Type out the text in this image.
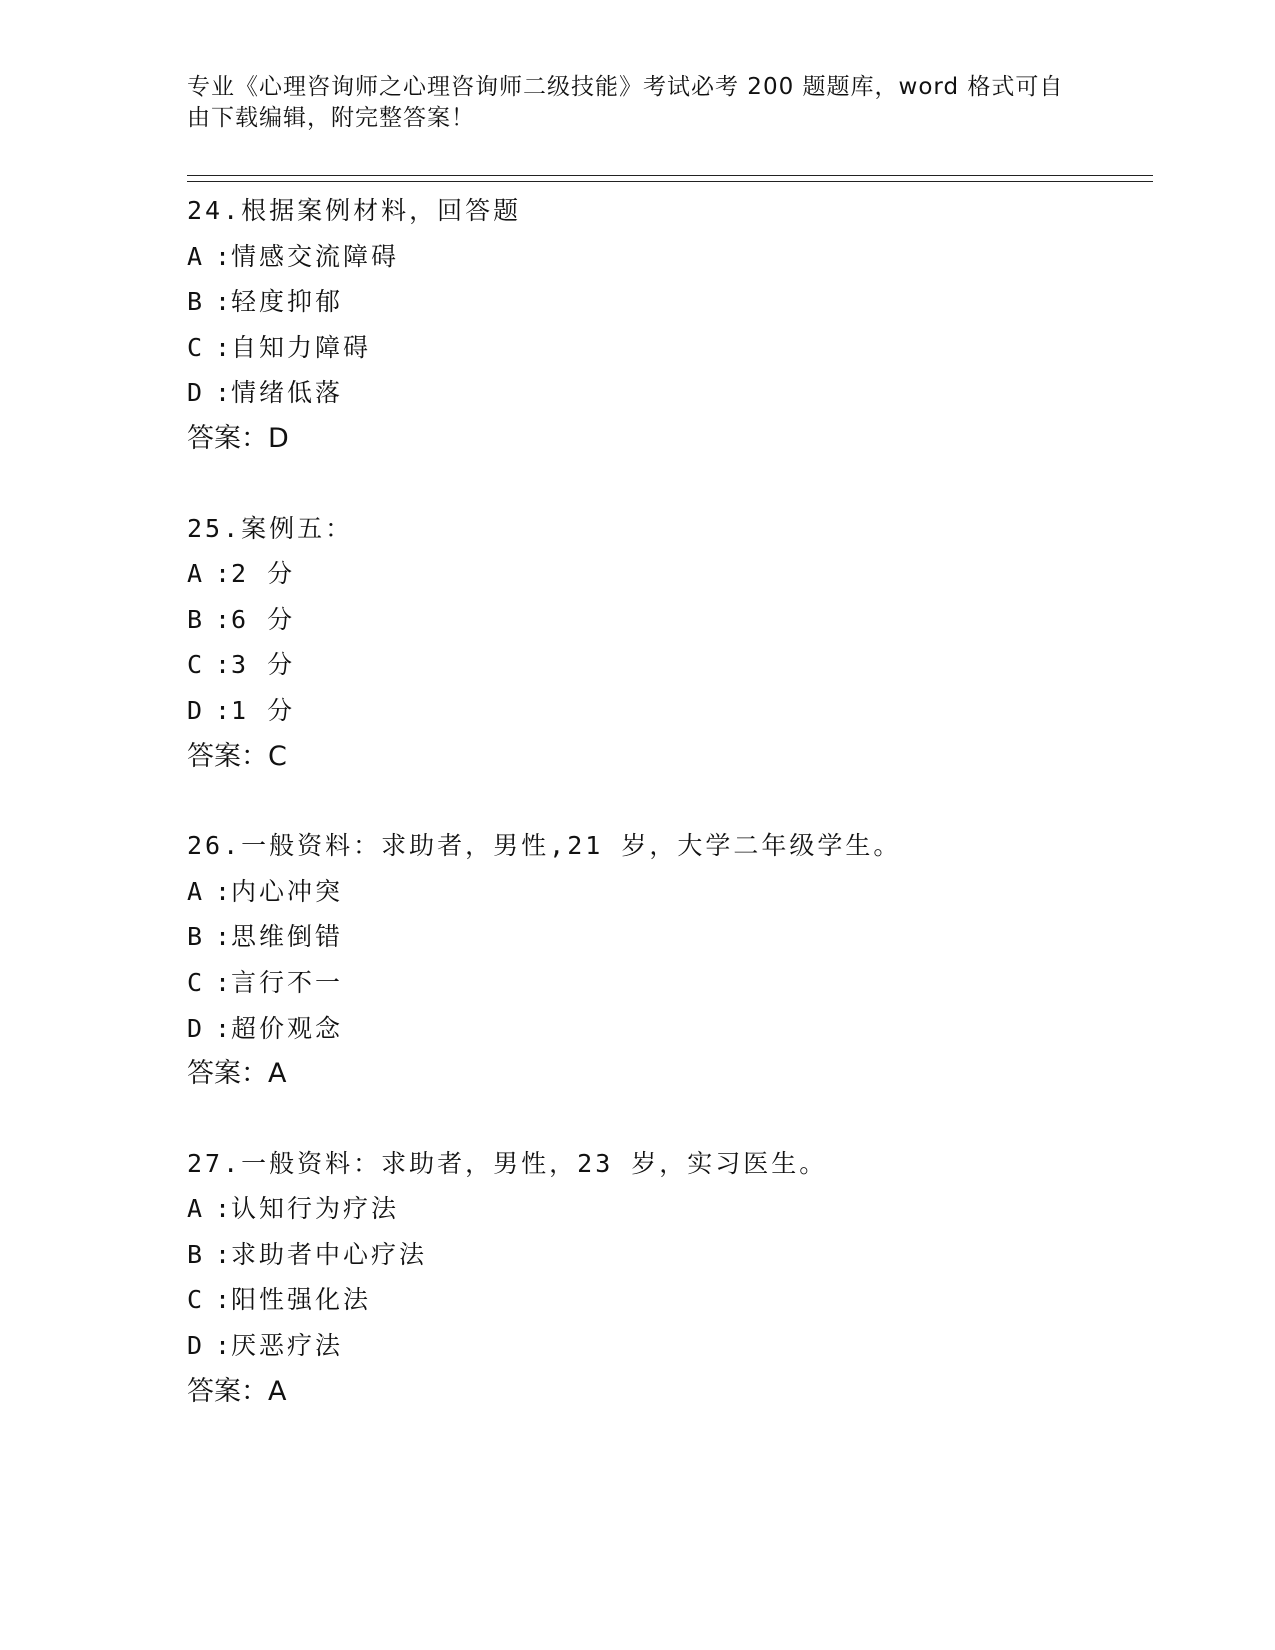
专业《心理咨询师之心理咨询师二级技能》考试必考 200 题题库，word 格式可自
由下载编辑，附完整答案！
24.根据案例材料，回答题
A :情感交流障碍
B :轻度抑郁
C :自知力障碍
D :情绪低落
答案：D
25.案例五：
A :2 分
B :6 分
C :3 分
D :1 分
答案：C
26.一般资料：求助者，男性,21 岁，大学二年级学生。
A :内心冲突
B :思维倒错
C :言行不一
D :超价观念
答案：A
27.一般资料：求助者，男性，23 岁，实习医生。
A :认知行为疗法
B :求助者中心疗法
C :阳性强化法
D :厌恶疗法
答案：A
